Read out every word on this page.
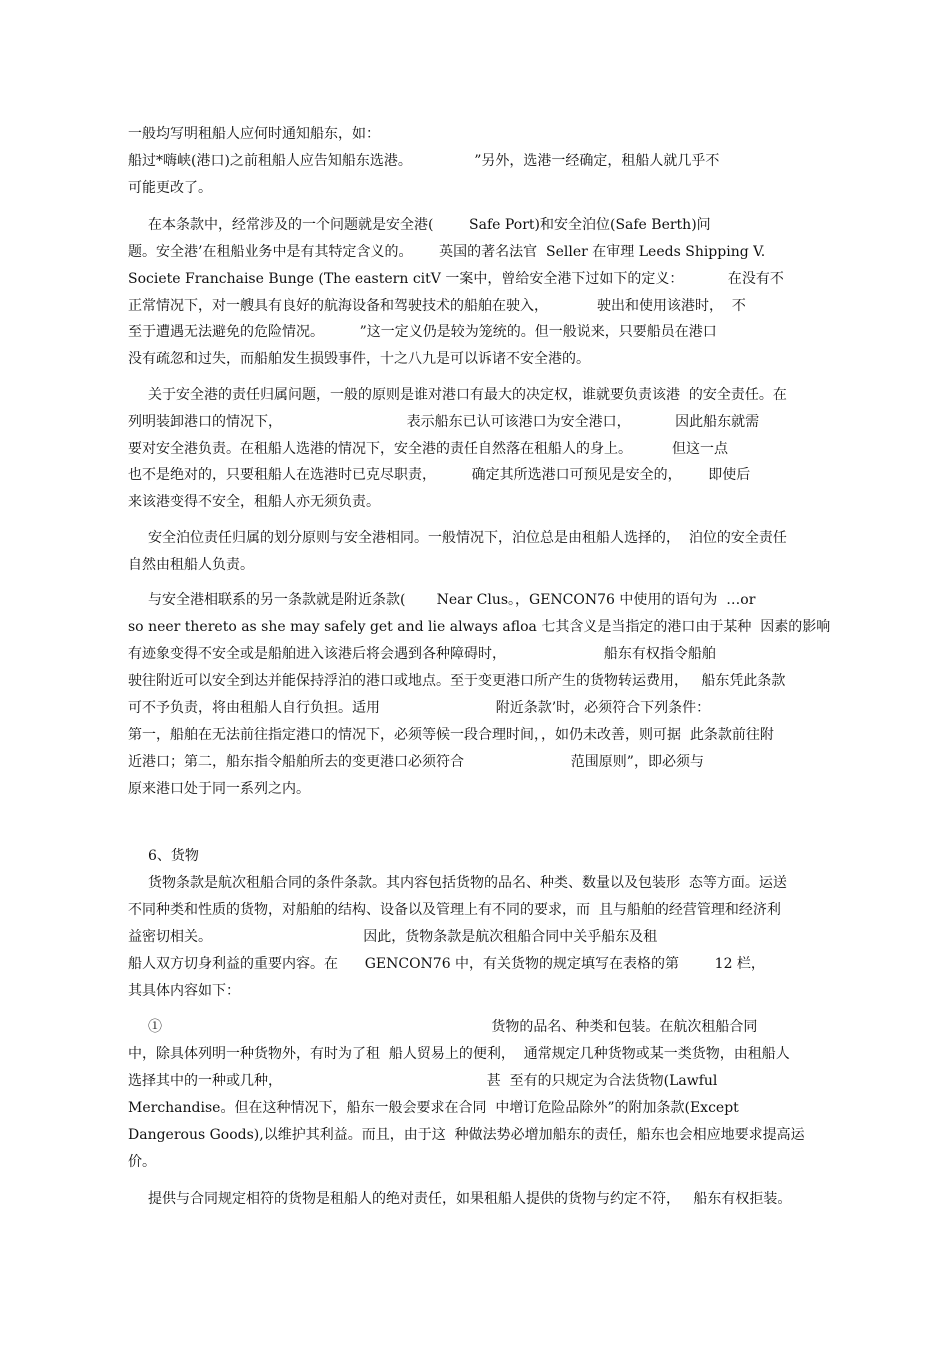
一般均写明租船人应何时通知船东，如：
船过*嗨峡(港口)之前租船人应告知船东选港。              ”另外，选港一经确定，租船人就几乎不
可能更改了。
在本条款中，经常涉及的一个问题就是安全港(        Safe Port)和安全泊位(Safe Berth)问
题。安全港’在租船业务中是有其特定含义的。      英国的著名法官  Seller 在审理 Leeds Shipping V.
Societe Franchaise Bunge (The eastern citV 一案中，曾给安全港下过如下的定义：          在没有不
正常情况下，对一艘具有良好的航海设备和驾驶技术的船舶在驶入，           驶出和使用该港时，  不
至于遭遇无法避免的危险情况。        ”这一定义仍是较为笼统的。但一般说来，只要船员在港口
没有疏忽和过失，而船舶发生损毁事件，十之八九是可以诉诸不安全港的。
关于安全港的责任归属问题，一般的原则是谁对港口有最大的决定权，谁就要负责该港  的安全责任。在
列明装卸港口的情况下，                            表示船东已认可该港口为安全港口，          因此船东就需
要对安全港负责。在租船人选港的情况下，安全港的责任自然落在租船人的身上。         但这一点
也不是绝对的，只要租船人在选港时已克尽职责，        确定其所选港口可预见是安全的，      即使后
来该港变得不安全，租船人亦无须负责。
安全泊位责任归属的划分原则与安全港相同。一般情况下，泊位总是由租船人选择的，  泊位的安全责任
自然由租船人负责。
与安全港相联系的另一条款就是附近条款(       Near Clus。，GENCON76 中使用的语句为  …or
so neer thereto as she may safely get and lie always afloa 七其含义是当指定的港口由于某种  因素的影响
有迹象变得不安全或是船舶进入该港后将会遇到各种障碍时，                      船东有权指令船舶
驶往附近可以安全到达并能保持浮泊的港口或地点。至于变更港口所产生的货物转运费用，   船东凭此条款
可不予负责，将由租船人自行负担。适用                          附近条款’时，必须符合下列条件：
第一，船舶在无法前往指定港口的情况下，必须等候一段合理时间，，如仍未改善，则可据  此条款前往附
近港口；第二，船东指令船舶所去的变更港口必须符合                        范围原则”，即必须与
原来港口处于同一系列之内。
6、货物
货物条款是航次租船合同的条件条款。其内容包括货物的品名、种类、数量以及包装形  态等方面。运送
不同种类和性质的货物，对船舶的结构、设备以及管理上有不同的要求，而  且与船舶的经营管理和经济利
益密切相关。                                  因此，货物条款是航次租船合同中关乎船东及租
船人双方切身利益的重要内容。在      GENCON76 中，有关货物的规定填写在表格的第        12 栏，
其具体内容如下：
①                                                                          货物的品名、种类和包装。在航次租船合同
中，除具体列明一种货物外，有时为了租  船人贸易上的便利，  通常规定几种货物或某一类货物，由租船人
选择其中的一种或几种，                                              甚  至有的只规定为合法货物(Lawful
Merchandise。但在这种情况下，船东一般会要求在合同  中增订危险品除外”的附加条款(Except
Dangerous Goods),以维护其利益。而且，由于这  种做法势必增加船东的责任，船东也会相应地要求提高运
价。
提供与合同规定相符的货物是租船人的绝对责任，如果租船人提供的货物与约定不符，   船东有权拒装。
